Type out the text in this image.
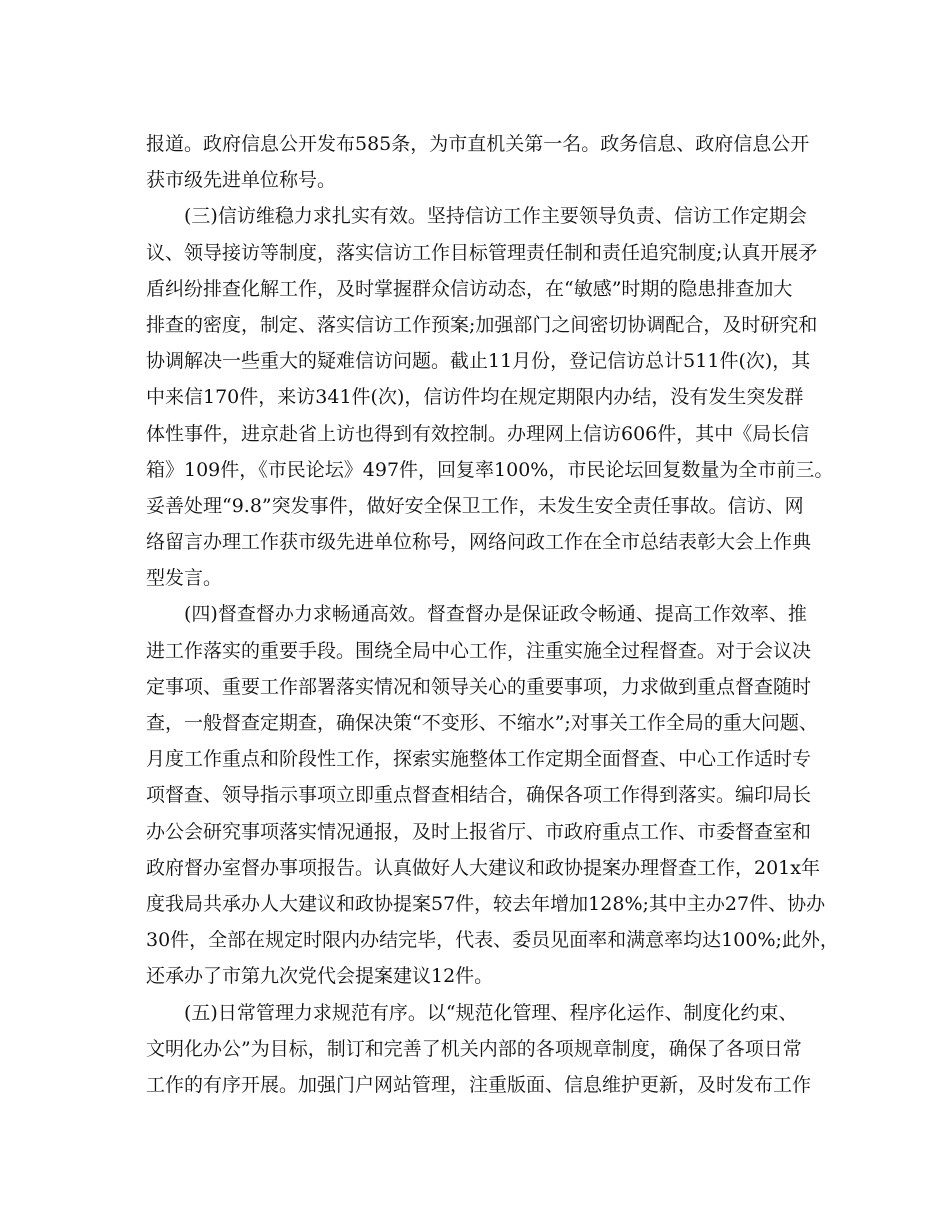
报道。政府信息公开发布585条，为市直机关第一名。政务信息、政府信息公开
获市级先进单位称号。
(三)信访维稳力求扎实有效。坚持信访工作主要领导负责、信访工作定期会
议、领导接访等制度，落实信访工作目标管理责任制和责任追究制度;认真开展矛
盾纠纷排查化解工作，及时掌握群众信访动态，在“敏感”时期的隐患排查加大
排查的密度，制定、落实信访工作预案;加强部门之间密切协调配合，及时研究和
协调解决一些重大的疑难信访问题。截止11月份，登记信访总计511件(次)，其
中来信170件，来访341件(次)，信访件均在规定期限内办结，没有发生突发群
体性事件，进京赴省上访也得到有效控制。办理网上信访606件，其中《局长信
箱》109件，《市民论坛》497件，回复率100%，市民论坛回复数量为全市前三。
妥善处理“9.8”突发事件，做好安全保卫工作，未发生安全责任事故。信访、网
络留言办理工作获市级先进单位称号，网络问政工作在全市总结表彰大会上作典
型发言。
(四)督查督办力求畅通高效。督查督办是保证政令畅通、提高工作效率、推
进工作落实的重要手段。围绕全局中心工作，注重实施全过程督查。对于会议决
定事项、重要工作部署落实情况和领导关心的重要事项，力求做到重点督查随时
查，一般督查定期查，确保决策“不变形、不缩水”;对事关工作全局的重大问题、
月度工作重点和阶段性工作，探索实施整体工作定期全面督查、中心工作适时专
项督查、领导指示事项立即重点督查相结合，确保各项工作得到落实。编印局长
办公会研究事项落实情况通报，及时上报省厅、市政府重点工作、市委督查室和
政府督办室督办事项报告。认真做好人大建议和政协提案办理督查工作，201x年
度我局共承办人大建议和政协提案57件，较去年增加128%;其中主办27件、协办
30件，全部在规定时限内办结完毕，代表、委员见面率和满意率均达100%;此外，
还承办了市第九次党代会提案建议12件。
(五)日常管理力求规范有序。以“规范化管理、程序化运作、制度化约束、
文明化办公”为目标，制订和完善了机关内部的各项规章制度，确保了各项日常
工作的有序开展。加强门户网站管理，注重版面、信息维护更新，及时发布工作
